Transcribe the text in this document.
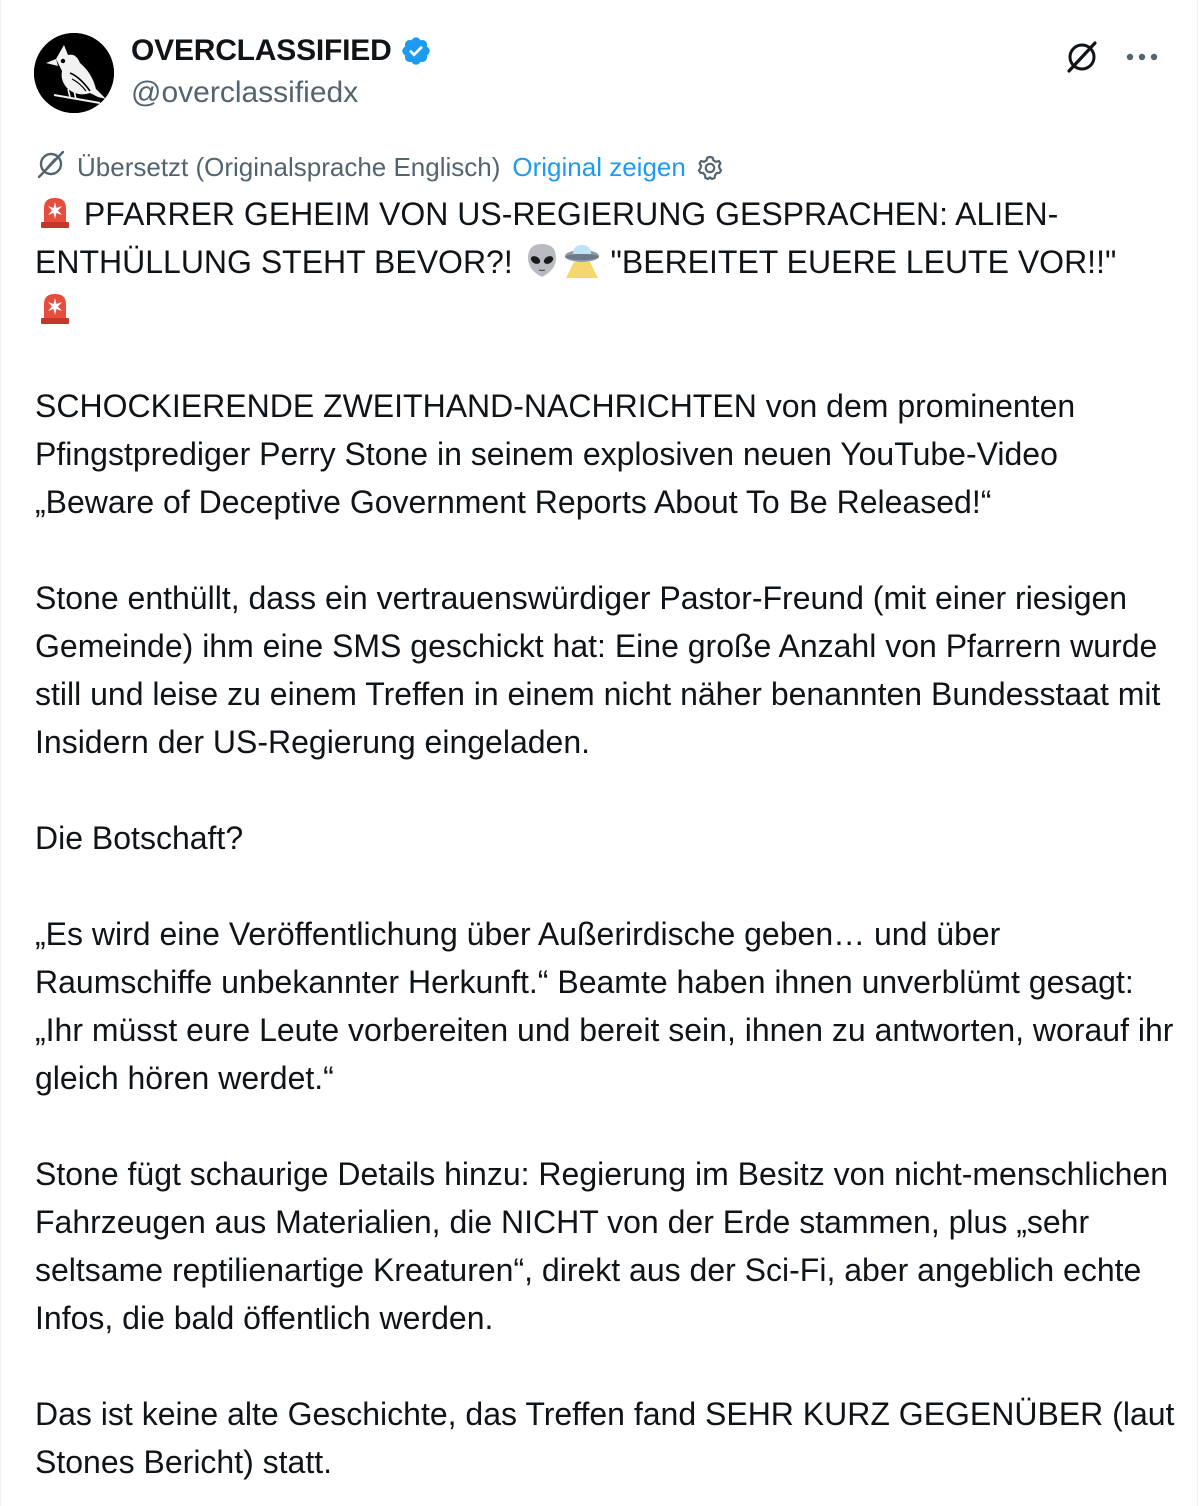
OVERCLASSIFIED
@overclassifiedx
Übersetzt (Originalsprache Englisch) Original zeigen

PFARRER GEHEIM VON US-REGIERUNG GESPRACHEN: ALIEN-ENTHÜLLUNG STEHT BEVOR?!	"BEREITET EUERE LEUTE VOR!!"

SCHOCKIERENDE ZWEITHAND-NACHRICHTEN von dem prominenten Pfingstprediger Perry Stone in seinem explosiven neuen YouTube-Video „Beware of Deceptive Government Reports About To Be Released!“

Stone enthüllt, dass ein vertrauenswürdiger Pastor-Freund (mit einer riesigen Gemeinde) ihm eine SMS geschickt hat: Eine große Anzahl von Pfarrern wurde still und leise zu einem Treffen in einem nicht näher benannten Bundesstaat mit Insidern der US-Regierung eingeladen.

Die Botschaft?

„Es wird eine Veröffentlichung über Außerirdische geben… und über Raumschiffe unbekannter Herkunft.“ Beamte haben ihnen unverblümt gesagt: „Ihr müsst eure Leute vorbereiten und bereit sein, ihnen zu antworten, worauf ihr gleich hören werdet.“

Stone fügt schaurige Details hinzu: Regierung im Besitz von nicht-menschlichen Fahrzeugen aus Materialien, die NICHT von der Erde stammen, plus „sehr seltsame reptilienartige Kreaturen“, direkt aus der Sci-Fi, aber angeblich echte Infos, die bald öffentlich werden.

Das ist keine alte Geschichte, das Treffen fand SEHR KURZ GEGENÜBER (laut Stones Bericht) statt.
